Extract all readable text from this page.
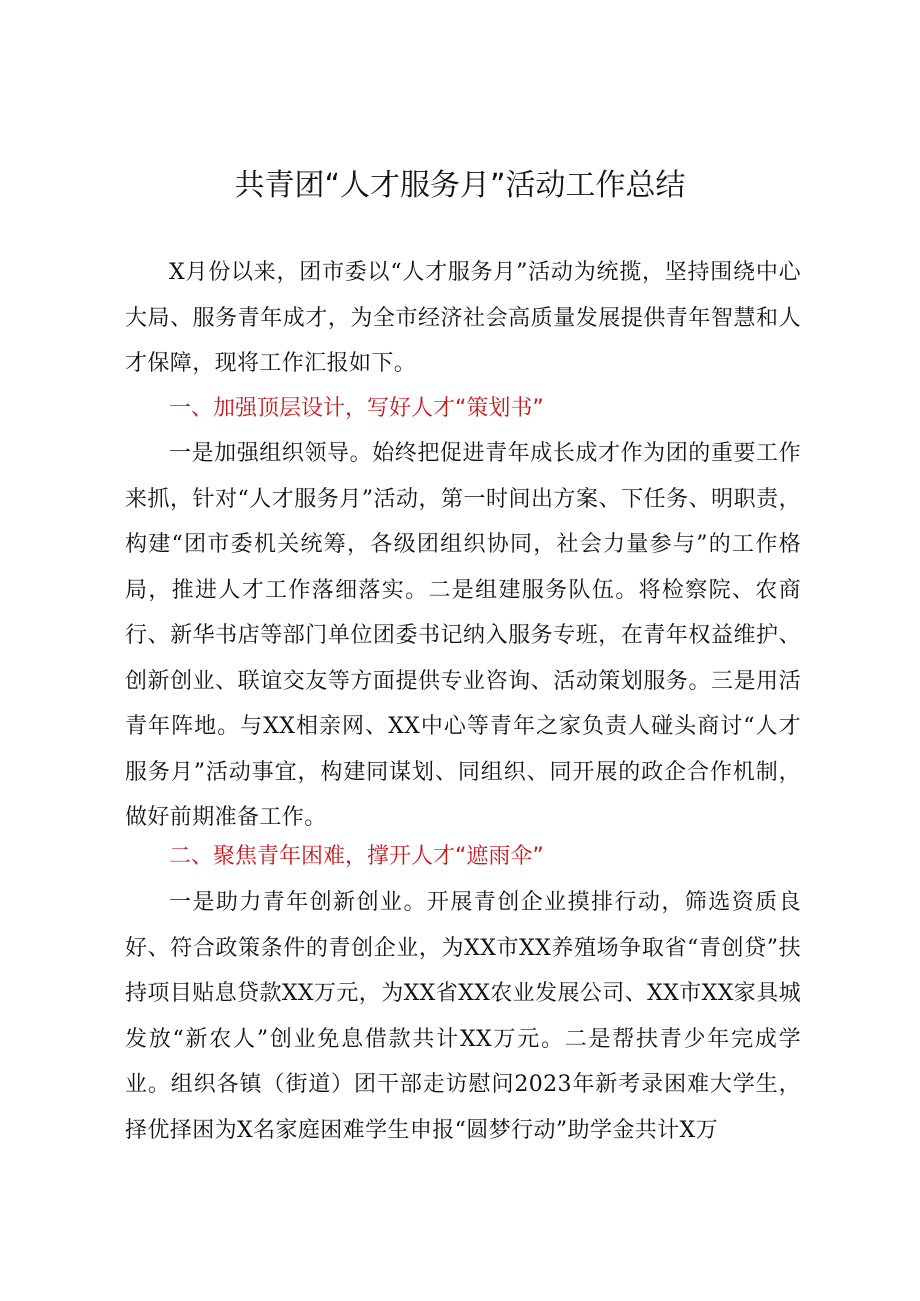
共青团“人才服务月”活动工作总结

X月份以来，团市委以“人才服务月”活动为统揽，坚持围绕中心大局、服务青年成才，为全市经济社会高质量发展提供青年智慧和人才保障，现将工作汇报如下。

一、加强顶层设计，写好人才“策划书”

一是加强组织领导。始终把促进青年成长成才作为团的重要工作来抓，针对“人才服务月”活动，第一时间出方案、下任务、明职责，构建“团市委机关统筹，各级团组织协同，社会力量参与”的工作格局，推进人才工作落细落实。二是组建服务队伍。将检察院、农商行、新华书店等部门单位团委书记纳入服务专班，在青年权益维护、创新创业、联谊交友等方面提供专业咨询、活动策划服务。三是用活青年阵地。与XX相亲网、XX中心等青年之家负责人碰头商讨“人才服务月”活动事宜，构建同谋划、同组织、同开展的政企合作机制，做好前期准备工作。

二、聚焦青年困难，撑开人才“遮雨伞”

一是助力青年创新创业。开展青创企业摸排行动，筛选资质良好、符合政策条件的青创企业，为XX市XX养殖场争取省“青创贷”扶持项目贴息贷款XX万元，为XX省XX农业发展公司、XX市XX家具城发放“新农人”创业免息借款共计XX万元。二是帮扶青少年完成学业。组织各镇（街道）团干部走访慰问2023年新考录困难大学生，择优择困为X名家庭困难学生申报“圆梦行动”助学金共计X万
